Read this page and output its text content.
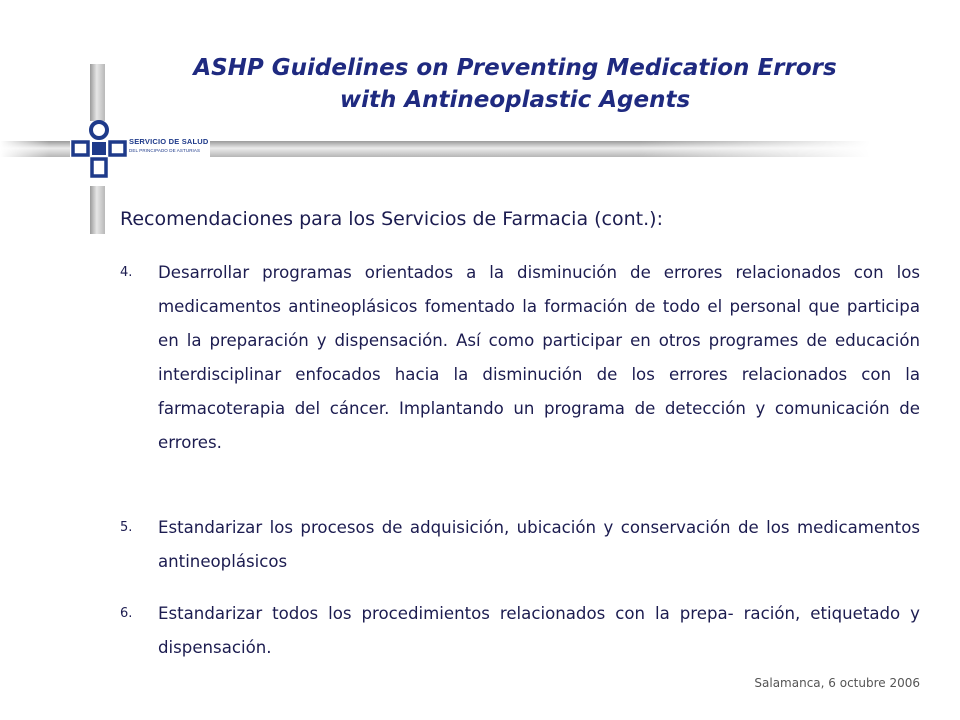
SERVICIO DE SALUD
DEL PRINCIPADO DE ASTURIAS
ASHP Guidelines on Preventing Medication Errors
with Antineoplastic Agents
Recomendaciones para los Servicios de Farmacia (cont.):
4.	Desarrollar programas orientados a la disminución de errores relacionados con los medicamentos antineoplásicos fomentado la formación de todo el personal que participa en la preparación y dispensación. Así como participar en otros programes de educación interdisciplinar enfocados hacia la disminución de los errores relacionados con la farmacoterapia del cáncer. Implantando un programa de detección y comunicación de errores.
5.	Estandarizar los procesos de adquisición, ubicación y conservación de los medicamentos antineoplásicos
6.	Estandarizar todos los procedimientos relacionados con la prepa- ración, etiquetado y dispensación.
Salamanca, 6 octubre 2006
